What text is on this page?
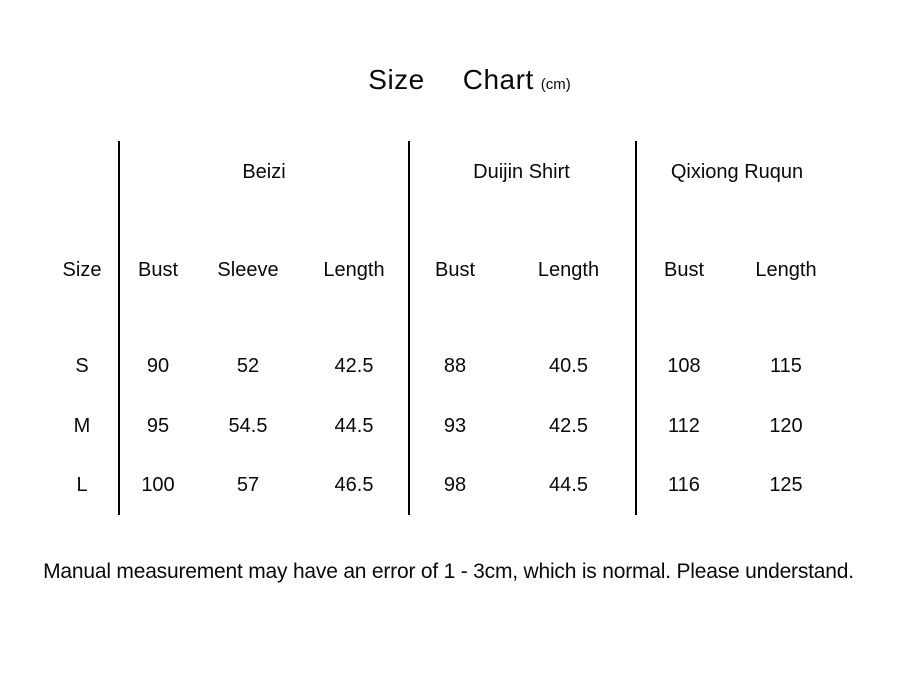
Size Chart (cm)
Beizi	Duijin Shirt	Qixiong Ruqun
Size	Bust	Sleeve	Length	Bust	Length	Bust	Length
S	90	52	42.5	88	40.5	108	115
M	95	54.5	44.5	93	42.5	112	120
L	100	57	46.5	98	44.5	116	125
Manual measurement may have an error of 1 - 3cm, which is normal. Please understand.
